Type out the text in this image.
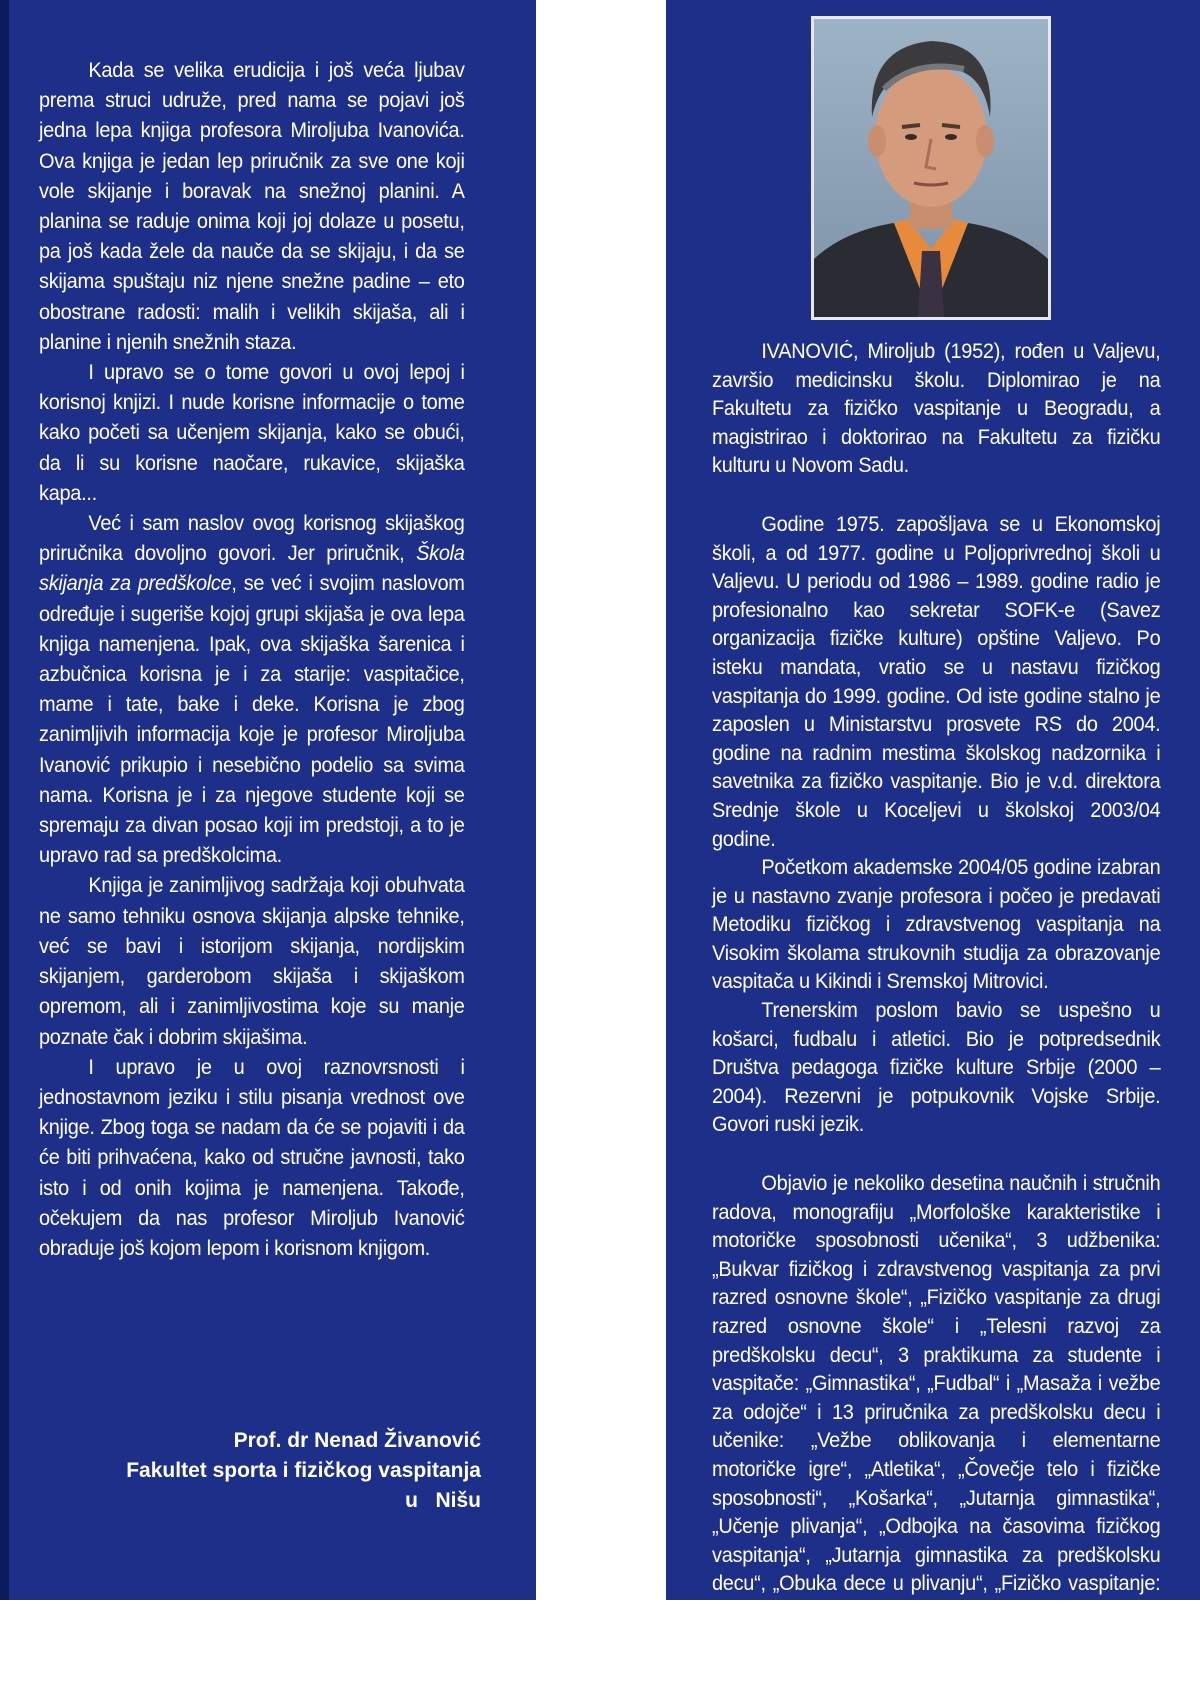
Kada se velika erudicija i još veća ljubav prema struci udruže, pred nama se pojavi još jedna lepa knjiga profesora Miroljuba Ivanovića. Ova knjiga je jedan lep priručnik za sve one koji vole skijanje i boravak na snežnoj planini. A planina se raduje onima koji joj dolaze u posetu, pa još kada žele da nauče da se skijaju, i da se skijama spuštaju niz njene snežne padine – eto obostrane radosti: malih i velikih skijaša, ali i planine i njenih snežnih staza.

I upravo se o tome govori u ovoj lepoj i korisnoj knjizi. I nude korisne informacije o tome kako početi sa učenjem skijanja, kako se obući, da li su korisne naočare, rukavice, skijaška kapa...

Već i sam naslov ovog korisnog skijaškog priručnika dovoljno govori. Jer priručnik, Škola skijanja za predškolce, se već i svojim naslovom određuje i sugeriše kojoj grupi skijaša je ova lepa knjiga namenjena. Ipak, ova skijaška šarenica i azbučnica korisna je i za starije: vaspitačice, mame i tate, bake i deke. Korisna je zbog zanimljivih informacija koje je profesor Miroljuba Ivanović prikupio i nesebično podelio sa svima nama. Korisna je i za njegove studente koji se spremaju za divan posao koji im predstoji, a to je upravo rad sa predškolcima.

Knjiga je zanimljivog sadržaja koji obuhvata ne samo tehniku osnova skijanja alpske tehnike, već se bavi i istorijom skijanja, nordijskim skijanjem, garderobom skijaša i skijaškom opremom, ali i zanimljivostima koje su manje poznate čak i dobrim skijašima.

I upravo je u ovoj raznovrsnosti i jednostavnom jeziku i stilu pisanja vrednost ove knjige. Zbog toga se nadam da će se pojaviti i da će biti prihvaćena, kako od stručne javnosti, tako isto i od onih kojima je namenjena. Takođe, očekujem da nas profesor Miroljub Ivanović obraduje još kojom lepom i korisnom knjigom.

Prof. dr Nenad Živanović
Fakultet sporta i fizičkog vaspitanja
u   Nišu

IVANOVIĆ, Miroljub (1952), rođen u Valjevu, završio medicinsku školu. Diplomirao je na Fakultetu za fizičko vaspitanje u Beogradu, a magistrirao i doktorirao na Fakultetu za fizičku kulturu u Novom Sadu.

Godine 1975. zapošljava se u Ekonomskoj školi, a od 1977. godine u Poljoprivrednoj školi u Valjevu. U periodu od 1986 – 1989. godine radio je profesionalno kao sekretar SOFK-e (Savez organizacija fizičke kulture) opštine Valjevo. Po isteku mandata, vratio se u nastavu fizičkog vaspitanja do 1999. godine. Od iste godine stalno je zaposlen u Ministarstvu prosvete RS do 2004. godine na radnim mestima školskog nadzornika i savetnika za fizičko vaspitanje. Bio je v.d. direktora Srednje škole u Koceljevi u školskoj 2003/04 godine.

Početkom akademske 2004/05 godine izabran je u nastavno zvanje profesora i počeo je predavati Metodiku fizičkog i zdravstvenog vaspitanja na Visokim školama strukovnih studija za obrazovanje vaspitača u Kikindi i Sremskoj Mitrovici.

Trenerskim poslom bavio se uspešno u košarci, fudbalu i atletici. Bio je potpredsednik Društva pedagoga fizičke kulture Srbije (2000 – 2004). Rezervni je potpukovnik Vojske Srbije. Govori ruski jezik.

Objavio je nekoliko desetina naučnih i stručnih radova, monografiju „Morfološke karakteristike i motoričke sposobnosti učenika“, 3 udžbenika: „Bukvar fizičkog i zdravstvenog vaspitanja za prvi razred osnovne škole“, „Fizičko vaspitanje za drugi razred osnovne škole“ i „Telesni razvoj za predškolsku decu“, 3 praktikuma za studente i vaspitače: „Gimnastika“, „Fudbal“ i „Masaža i vežbe za odojče“ i 13 priručnika za predškolsku decu i učenike: „Vežbe oblikovanja i elementarne motoričke igre“, „Atletika“, „Čovečje telo i fizičke sposobnosti“, „Košarka“, „Jutarnja gimnastika“, „Učenje plivanja“, „Odbojka na časovima fizičkog vaspitanja“, „Jutarnja gimnastika za predškolsku decu“, „Obuka dece u plivanju“, „Fizičko vaspitanje: metodika - uzrast od 3 do 4 godine“, „Telesne vežbe i pokretne igre“, „Sportski bukvar“ i „Ravna stopala kod dece“.
